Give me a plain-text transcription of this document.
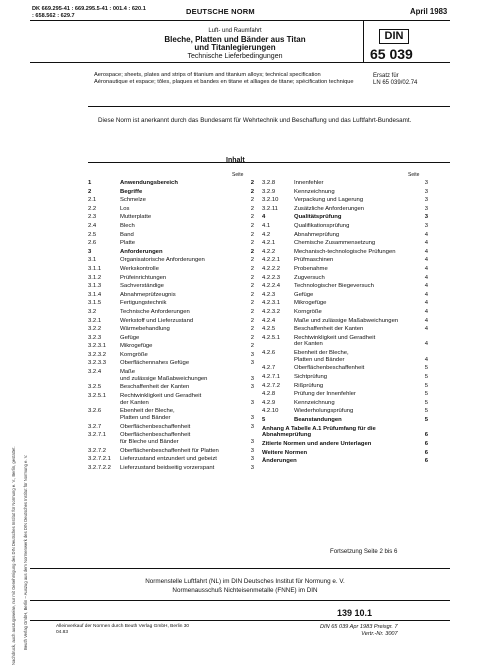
DK 669.295-41 : 669.295.5-41 : 001.4 : 620.1
: 658.562 : 629.7	DEUTSCHE NORM	April 1983
Luft- und Raumfahrt
Bleche, Platten und Bänder aus Titan
und Titanlegierungen
Technische Lieferbedingungen
DIN
65 039
Aerospace; sheets, plates and strips of titanium and titanium alloys; technical specification
Aéronautique et espace; tôles, plaques et bandes en titane et alliages de titane; spécification technique
Ersatz für
LN 65 039/02.74
Diese Norm ist anerkannt durch das Bundesamt für Wehrtechnik und Beschaffung und das Luftfahrt-Bundesamt.
Nachdruck, auch auszugsweise, nur mit Genehmigung des DIN Deutsches Institut für Normung e. V., Berlin, gestattet.	Beuth Verlag GmbH, Berlin – Auszug aus dem Normenwerk des DIN Deutsches Institut für Normung e. V.
Inhalt
Seite	Seite
1	Anwendungsbereich	2
2	Begriffe	2
2.1	Schmelze	2
2.2	Los	2
2.3	Mutterplatte	2
2.4	Blech	2
2.5	Band	2
2.6	Platte	2
3	Anforderungen	2
3.1	Organisatorische Anforderungen	2
3.1.1	Werkskontrolle	2
3.1.2	Prüfeinrichtungen	2
3.1.3	Sachverständige	2
3.1.4	Abnahmeprüfzeugnis	2
3.1.5	Fertigungstechnik	2
3.2	Technische Anforderungen	2
3.2.1	Werkstoff und Lieferzustand	2
3.2.2	Wärmebehandlung	2
3.2.3	Gefüge	2
3.2.3.1	Mikrogefüge	2
3.2.3.2	Korngröße	3
3.2.3.3	Oberflächennahes Gefüge	3
3.2.4	Maße
und zulässige Maßabweichungen	3
3.2.5	Beschaffenheit der Kanten	3
3.2.5.1	Rechtwinkligkeit und Geradheit
der Kanten	3
3.2.6	Ebenheit der Bleche,
Platten und Bänder	3
3.2.7	Oberflächenbeschaffenheit	3
3.2.7.1	Oberflächenbeschaffenheit
für Bleche und Bänder	3
3.2.7.2	Oberflächenbeschaffenheit für Platten	3
3.2.7.2.1	Lieferzustand entzundert und gebeizt	3
3.2.7.2.2	Lieferzustand beidseitig vorzerspant	3
3.2.8	Innenfehler	3
3.2.9	Kennzeichnung	3
3.2.10	Verpackung und Lagerung	3
3.2.11	Zusätzliche Anforderungen	3
4	Qualitätsprüfung	3
4.1	Qualifikationsprüfung	3
4.2	Abnahmeprüfung	4
4.2.1	Chemische Zusammensetzung	4
4.2.2	Mechanisch-technologische Prüfungen	4
4.2.2.1	Prüfmaschinen	4
4.2.2.2	Probenahme	4
4.2.2.3	Zugversuch	4
4.2.2.4	Technologischer Biegeversuch	4
4.2.3	Gefüge	4
4.2.3.1	Mikrogefüge	4
4.2.3.2	Korngröße	4
4.2.4	Maße und zulässige Maßabweichungen	4
4.2.5	Beschaffenheit der Kanten	4
4.2.5.1	Rechtwinkligkeit und Geradheit
der Kanten	4
4.2.6	Ebenheit der Bleche,
Platten und Bänder	4
4.2.7	Oberflächenbeschaffenheit	5
4.2.7.1	Sichtprüfung	5
4.2.7.2	Rißprüfung	5
4.2.8	Prüfung der Innenfehler	5
4.2.9	Kennzeichnung	5
4.2.10	Wiederholungsprüfung	5
5	Beanstandungen	5
Anhang A Tabelle A.1 Prüfumfang für die
Abnahmeprüfung	6
Zitierte Normen und andere Unterlagen	6
Weitere Normen	6
Änderungen	6
Fortsetzung Seite 2 bis 6
Normenstelle Luftfahrt (NL) im DIN Deutsches Institut für Normung e. V.
Normenausschuß Nichteisenmetalle (FNNE) im DIN
139 10.1
Alleinverkauf der Normen durch Beuth Verlag GmbH, Berlin 30
04.83
DIN 65 039 Apr 1983 Preisgr. 7
Vertr.-Nr. 3007
